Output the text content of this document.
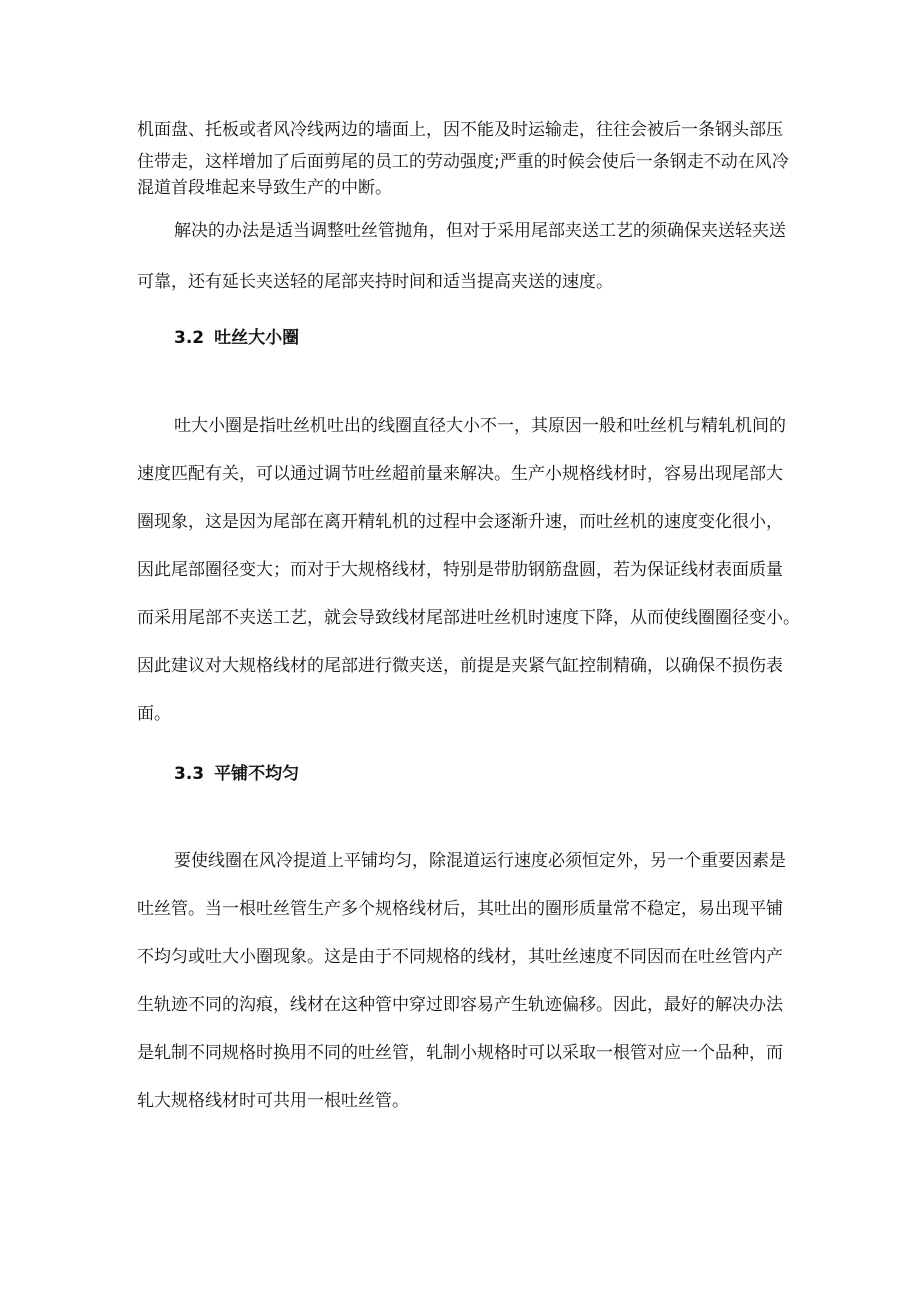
机面盘、托板或者风冷线两边的墙面上，因不能及时运输走，往往会被后一条钢头部压
住带走，这样增加了后面剪尾的员工的劳动强度;严重的时候会使后一条钢走不动在风冷
混道首段堆起来导致生产的中断。
解决的办法是适当调整吐丝管抛角，但对于采用尾部夹送工艺的须确保夹送轻夹送
可靠，还有延长夹送轻的尾部夹持时间和适当提高夹送的速度。
3.2 吐丝大小圈
吐大小圈是指吐丝机吐出的线圈直径大小不一，其原因一般和吐丝机与精轧机间的
速度匹配有关，可以通过调节吐丝超前量来解决。生产小规格线材时，容易出现尾部大
圈现象，这是因为尾部在离开精轧机的过程中会逐渐升速，而吐丝机的速度变化很小，
因此尾部圈径变大；而对于大规格线材，特别是带肋钢筋盘圆，若为保证线材表面质量
而采用尾部不夹送工艺，就会导致线材尾部进吐丝机时速度下降，从而使线圈圈径变小。
因此建议对大规格线材的尾部进行微夹送，前提是夹紧气缸控制精确，以确保不损伤表
面。
3.3 平铺不均匀
要使线圈在风冷提道上平铺均匀，除混道运行速度必须恒定外，另一个重要因素是
吐丝管。当一根吐丝管生产多个规格线材后，其吐出的圈形质量常不稳定，易出现平铺
不均匀或吐大小圈现象。这是由于不同规格的线材，其吐丝速度不同因而在吐丝管内产
生轨迹不同的沟痕，线材在这种管中穿过即容易产生轨迹偏移。因此，最好的解决办法
是轧制不同规格时换用不同的吐丝管，轧制小规格时可以采取一根管对应一个品种，而
轧大规格线材时可共用一根吐丝管。
